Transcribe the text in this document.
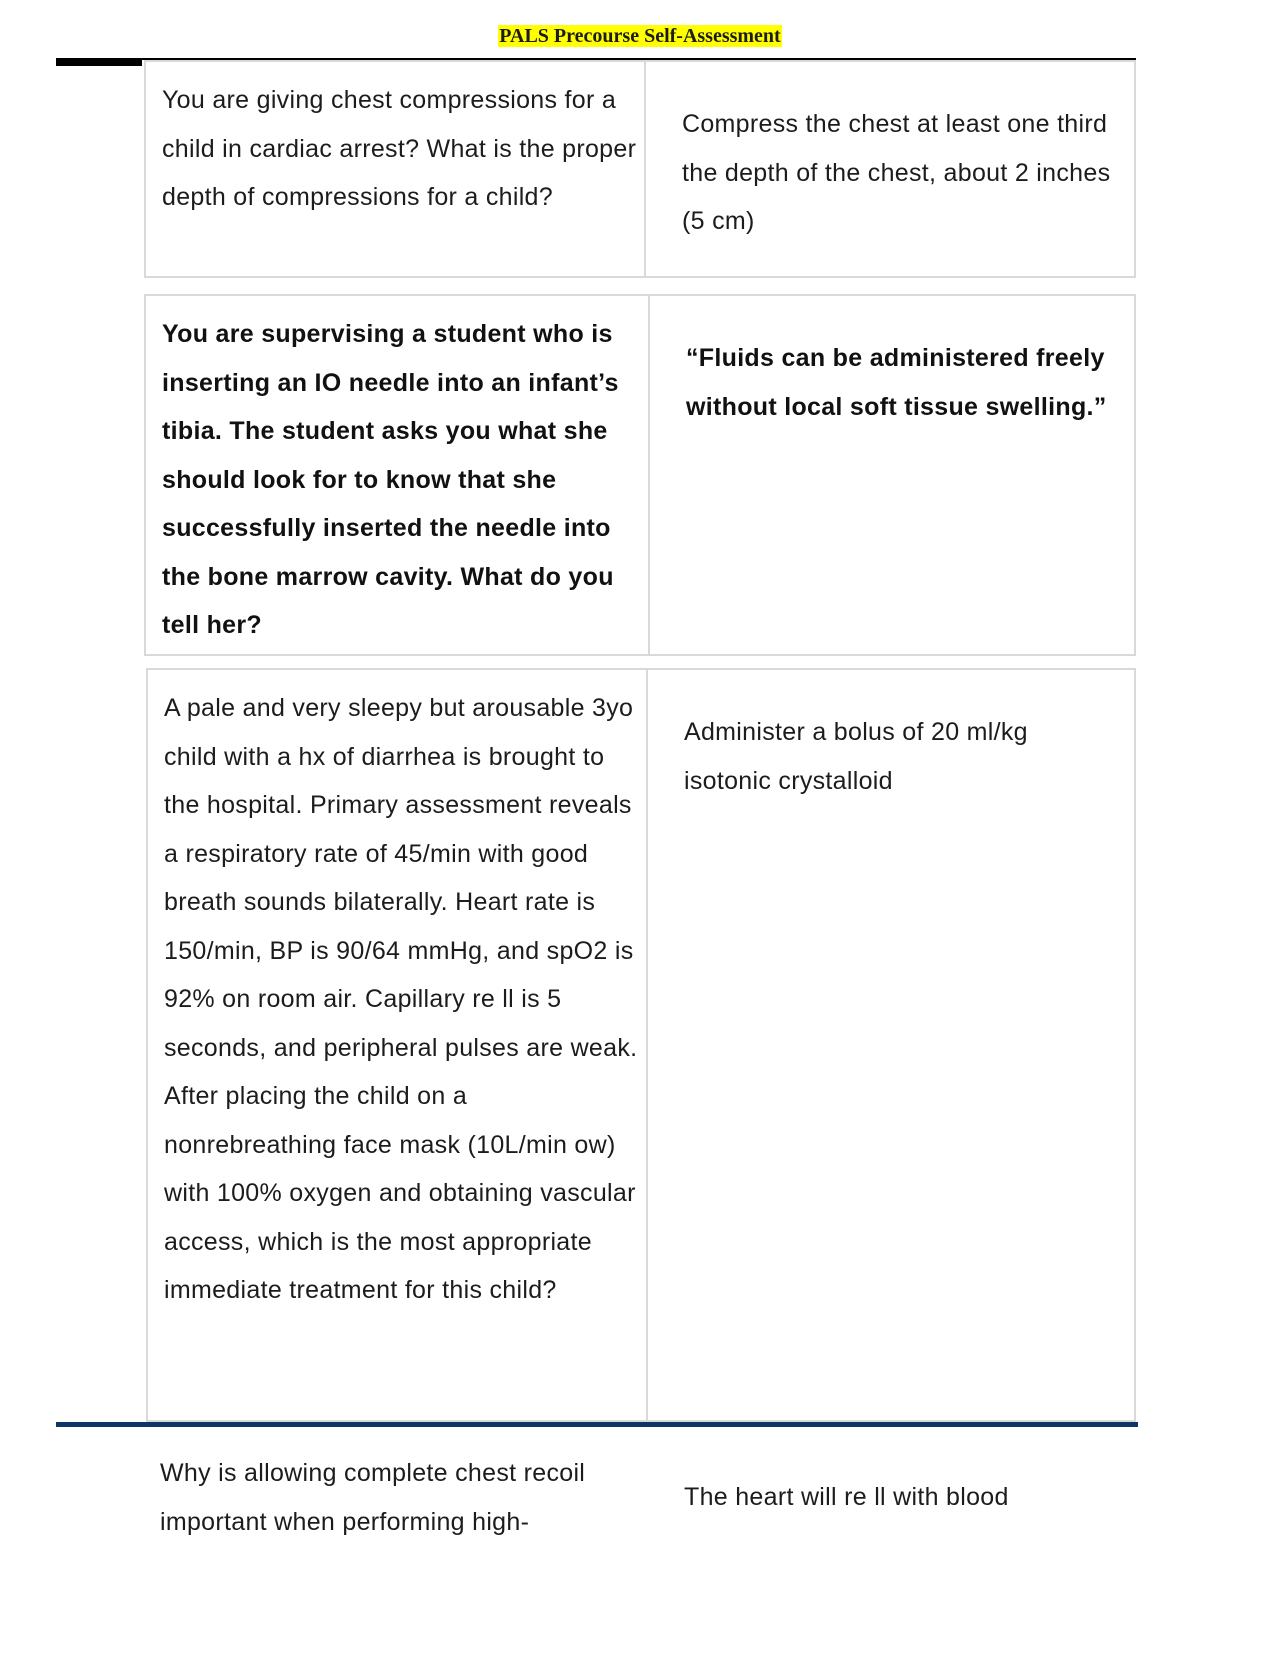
PALS Precourse Self-Assessment
You are giving chest compressions for a child in cardiac arrest? What is the proper depth of compressions for a child?
Compress the chest at least one third the depth of the chest, about 2 inches (5 cm)
You are supervising a student who is inserting an IO needle into an infant’s tibia. The student asks you what she should look for to know that she successfully inserted the needle into the bone marrow cavity. What do you tell her?
“Fluids can be administered freely without local soft tissue swelling.”
A pale and very sleepy but arousable 3yo child with a hx of diarrhea is brought to the hospital. Primary assessment reveals a respiratory rate of 45/min with good breath sounds bilaterally. Heart rate is 150/min, BP is 90/64 mmHg, and spO2 is 92% on room air. Capillary re ll is 5 seconds, and peripheral pulses are weak. After placing the child on a nonrebreathing face mask (10L/min ow) with 100% oxygen and obtaining vascular access, which is the most appropriate immediate treatment for this child?
Administer a bolus of 20 ml/kg isotonic crystalloid
Why is allowing complete chest recoil important when performing high-
The heart will re ll with blood
